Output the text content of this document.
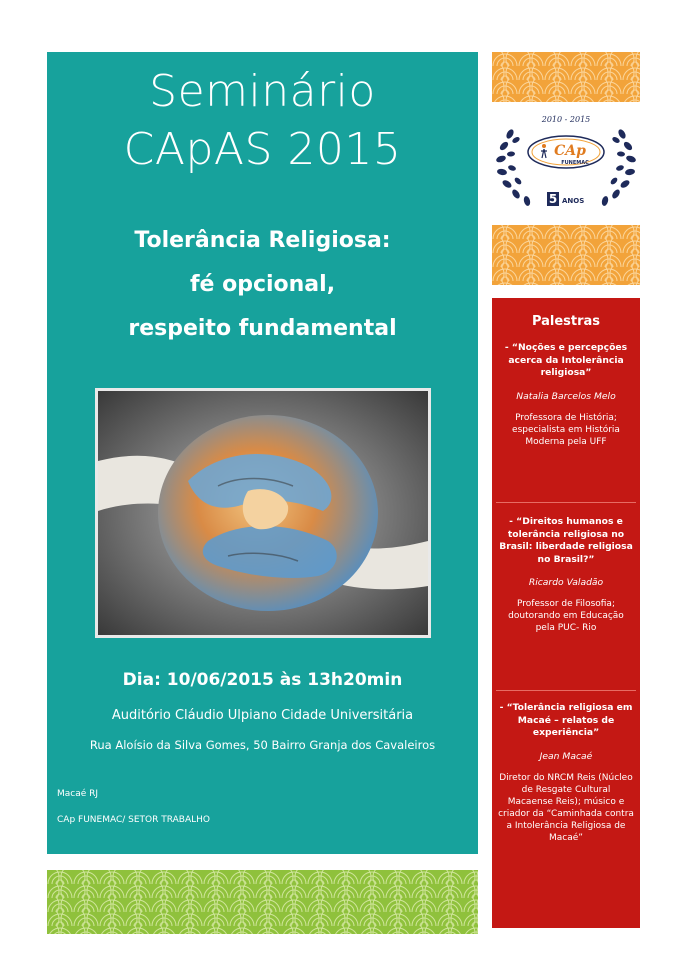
Seminário
CApAS 2015
Tolerância Religiosa:
fé opcional,
respeito fundamental
Dia: 10/06/2015 às 13h20min
Auditório Cláudio Ulpiano Cidade Universitária
Rua Aloísio da Silva Gomes, 50 Bairro Granja dos Cavaleiros
Macaé RJ
CAp FUNEMAC/ SETOR TRABALHO
2010 - 2015
CAp
FUNEMAC
5 ANOS
Palestras
- “Noções e percepções acerca da Intolerância religiosa”
Natalia Barcelos Melo
Professora de História; especialista em História Moderna pela UFF
- “Direitos humanos e tolerância religiosa no Brasil: liberdade religiosa no Brasil?”
Ricardo Valadão
Professor de Filosofia; doutorando em Educação pela PUC- Rio
- “Tolerância religiosa em Macaé – relatos de experiência”
Jean Macaé
Diretor do NRCM Reis (Núcleo de Resgate Cultural Macaense Reis); músico e criador da “Caminhada contra a Intolerância Religiosa de Macaé”
